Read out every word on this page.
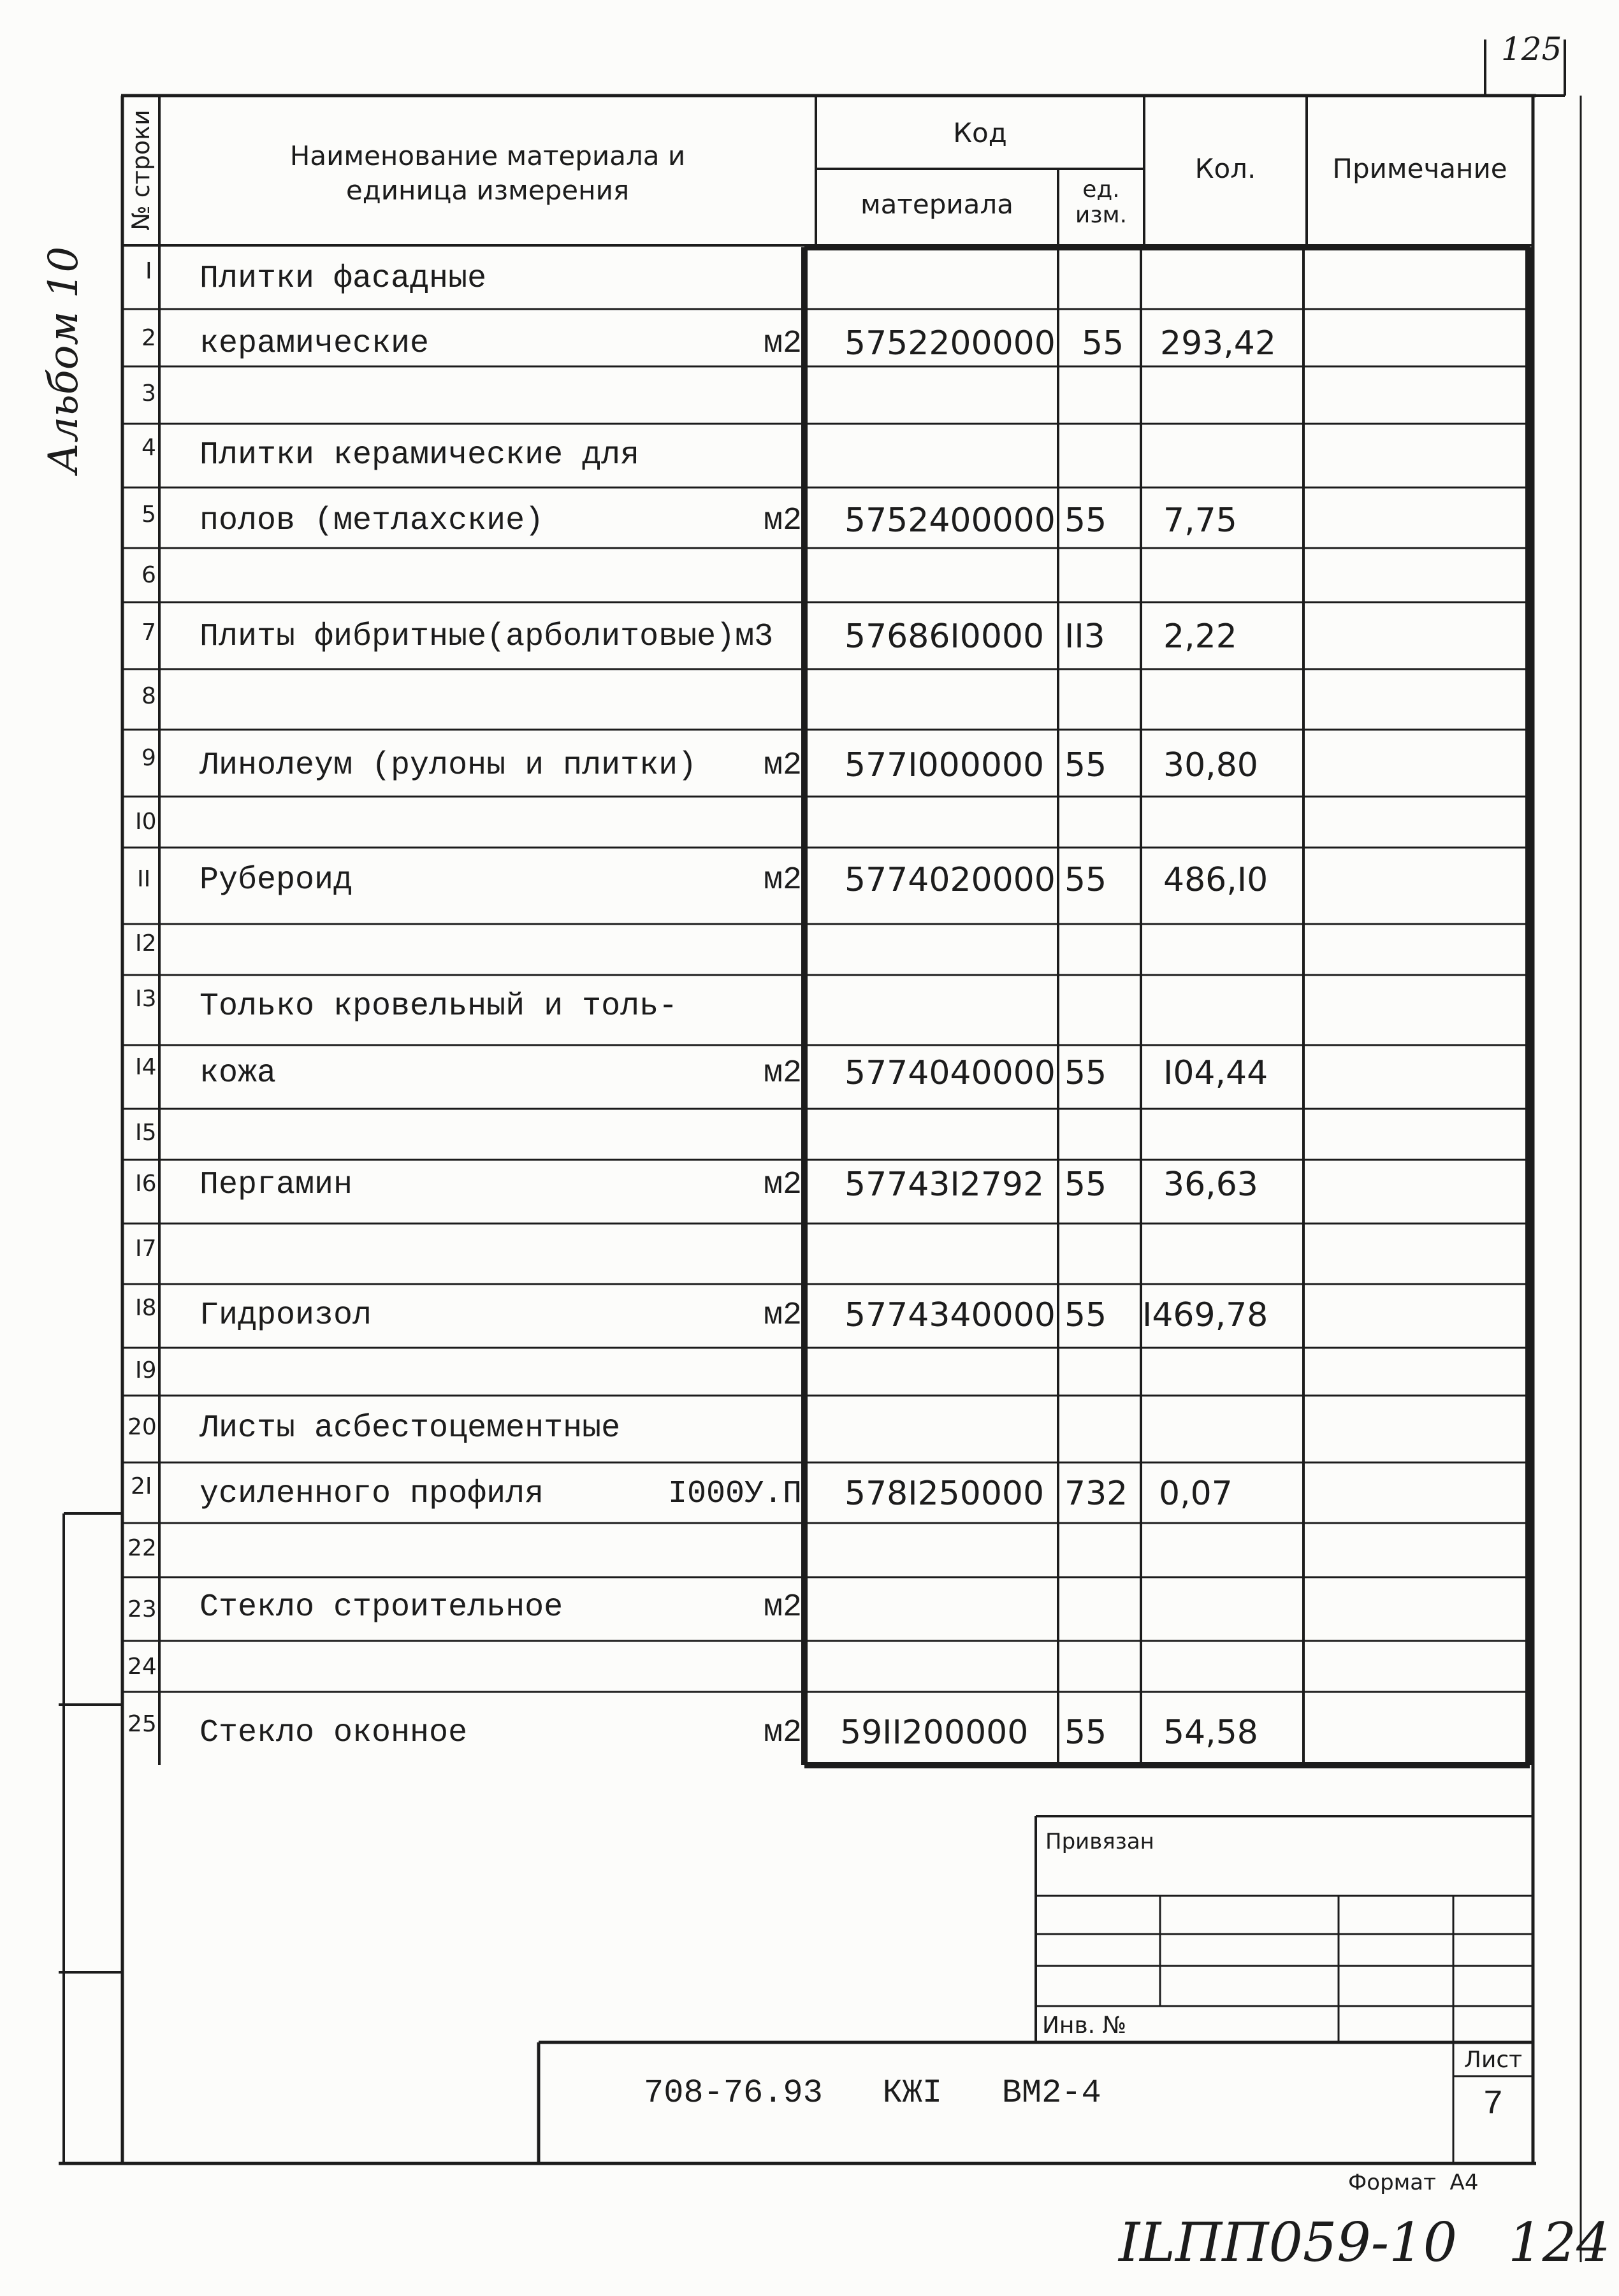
125
Альбом 10
№ строки	Наименование материала и
единица измерения
Код
материала	ед.
изм.
Кол.	Примечание
I Плитки фасадные
2 керамические	м2 5752200000 55 293,42
3
4 Плитки керамические для
5 полов (метлахские)	м2 5752400000 55 7,75
6
7 Плиты фибритные(арболитовые)м3 57686I0000 II3 2,22
8
9 Линолеум (рулоны и плитки) м2 577I000000 55 30,80
I0
II Рубероид	м2 5774020000 55 486,I0
I2
I3 Только кровельный и толь-
I4 кожа	м2 5774040000 55 I04,44
I5
I6 Пергамин	м2 57743I2792 55 36,63
I7
I8 Гидроизол	м2 5774340000 55 I469,78
I9
20 Листы асбестоцементные
2I усиленного профиля	I000У.П 578I250000 732 0,07
22
23 Стекло строительное	м2
24
25 Стекло оконное	м2 59II200000 55 54,58
Привязан
Инв. №
708-76.93   КЖI   ВМ2-4
Лист
7
Формат  А4
ILПП059-10   124
